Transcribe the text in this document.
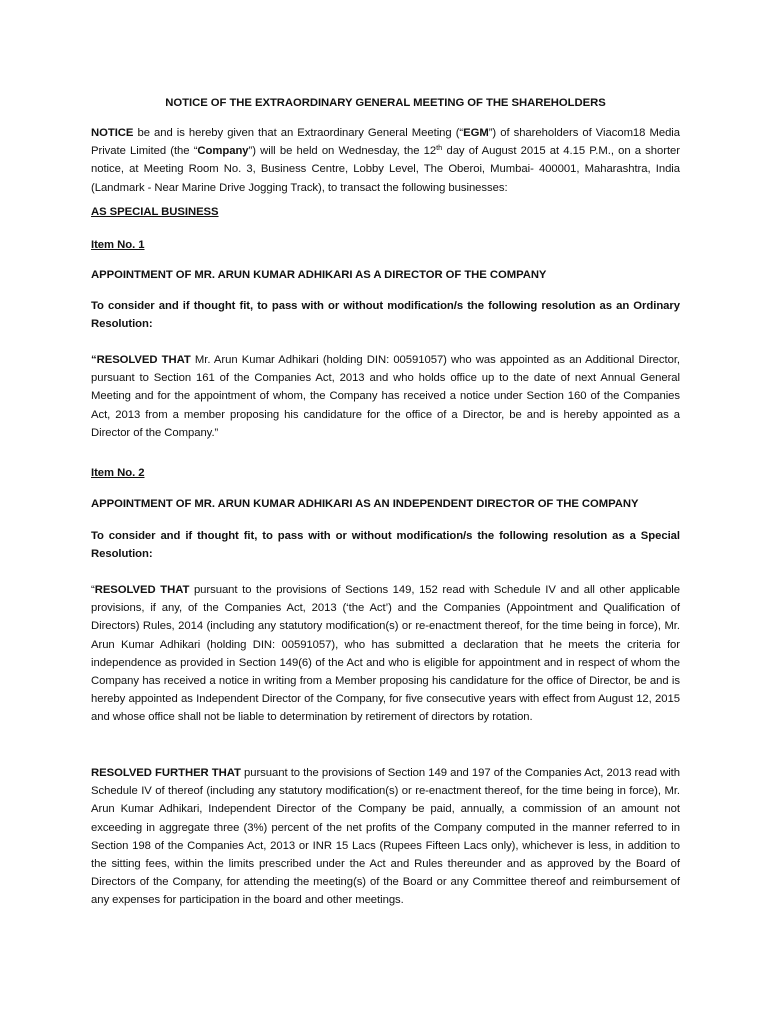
NOTICE OF THE EXTRAORDINARY GENERAL MEETING OF THE SHAREHOLDERS

NOTICE be and is hereby given that an Extraordinary General Meeting (“EGM”) of shareholders of Viacom18 Media Private Limited (the “Company”) will be held on Wednesday, the 12th day of August 2015 at 4.15 P.M., on a shorter notice, at Meeting Room No. 3, Business Centre, Lobby Level, The Oberoi, Mumbai- 400001, Maharashtra, India (Landmark - Near Marine Drive Jogging Track), to transact the following businesses:

AS SPECIAL BUSINESS

Item No. 1

APPOINTMENT OF MR. ARUN KUMAR ADHIKARI AS A DIRECTOR OF THE COMPANY

To consider and if thought fit, to pass with or without modification/s the following resolution as an Ordinary Resolution:

“RESOLVED THAT Mr. Arun Kumar Adhikari (holding DIN: 00591057) who was appointed as an Additional Director, pursuant to Section 161 of the Companies Act, 2013 and who holds office up to the date of next Annual General Meeting and for the appointment of whom, the Company has received a notice under Section 160 of the Companies Act, 2013 from a member proposing his candidature for the office of a Director, be and is hereby appointed as a Director of the Company.”

Item No. 2

APPOINTMENT OF MR. ARUN KUMAR ADHIKARI AS AN INDEPENDENT DIRECTOR OF THE COMPANY

To consider and if thought fit, to pass with or without modification/s the following resolution as a Special Resolution:

“RESOLVED THAT pursuant to the provisions of Sections 149, 152 read with Schedule IV and all other applicable provisions, if any, of the Companies Act, 2013 (‘the Act’) and the Companies (Appointment and Qualification of Directors) Rules, 2014 (including any statutory modification(s) or re-enactment thereof, for the time being in force), Mr. Arun Kumar Adhikari (holding DIN: 00591057), who has submitted a declaration that he meets the criteria for independence as provided in Section 149(6) of the Act and who is eligible for appointment and in respect of whom the Company has received a notice in writing from a Member proposing his candidature for the office of Director, be and is hereby appointed as Independent Director of the Company, for five consecutive years with effect from August 12, 2015 and whose office shall not be liable to determination by retirement of directors by rotation.

RESOLVED FURTHER THAT pursuant to the provisions of Section 149 and 197 of the Companies Act, 2013 read with Schedule IV of thereof (including any statutory modification(s) or re-enactment thereof, for the time being in force), Mr. Arun Kumar Adhikari, Independent Director of the Company be paid, annually, a commission of an amount not exceeding in aggregate three (3%) percent of the net profits of the Company computed in the manner referred to in Section 198 of the Companies Act, 2013 or INR 15 Lacs (Rupees Fifteen Lacs only), whichever is less, in addition to the sitting fees, within the limits prescribed under the Act and Rules thereunder and as approved by the Board of Directors of the Company, for attending the meeting(s) of the Board or any Committee thereof and reimbursement of any expenses for participation in the board and other meetings.
